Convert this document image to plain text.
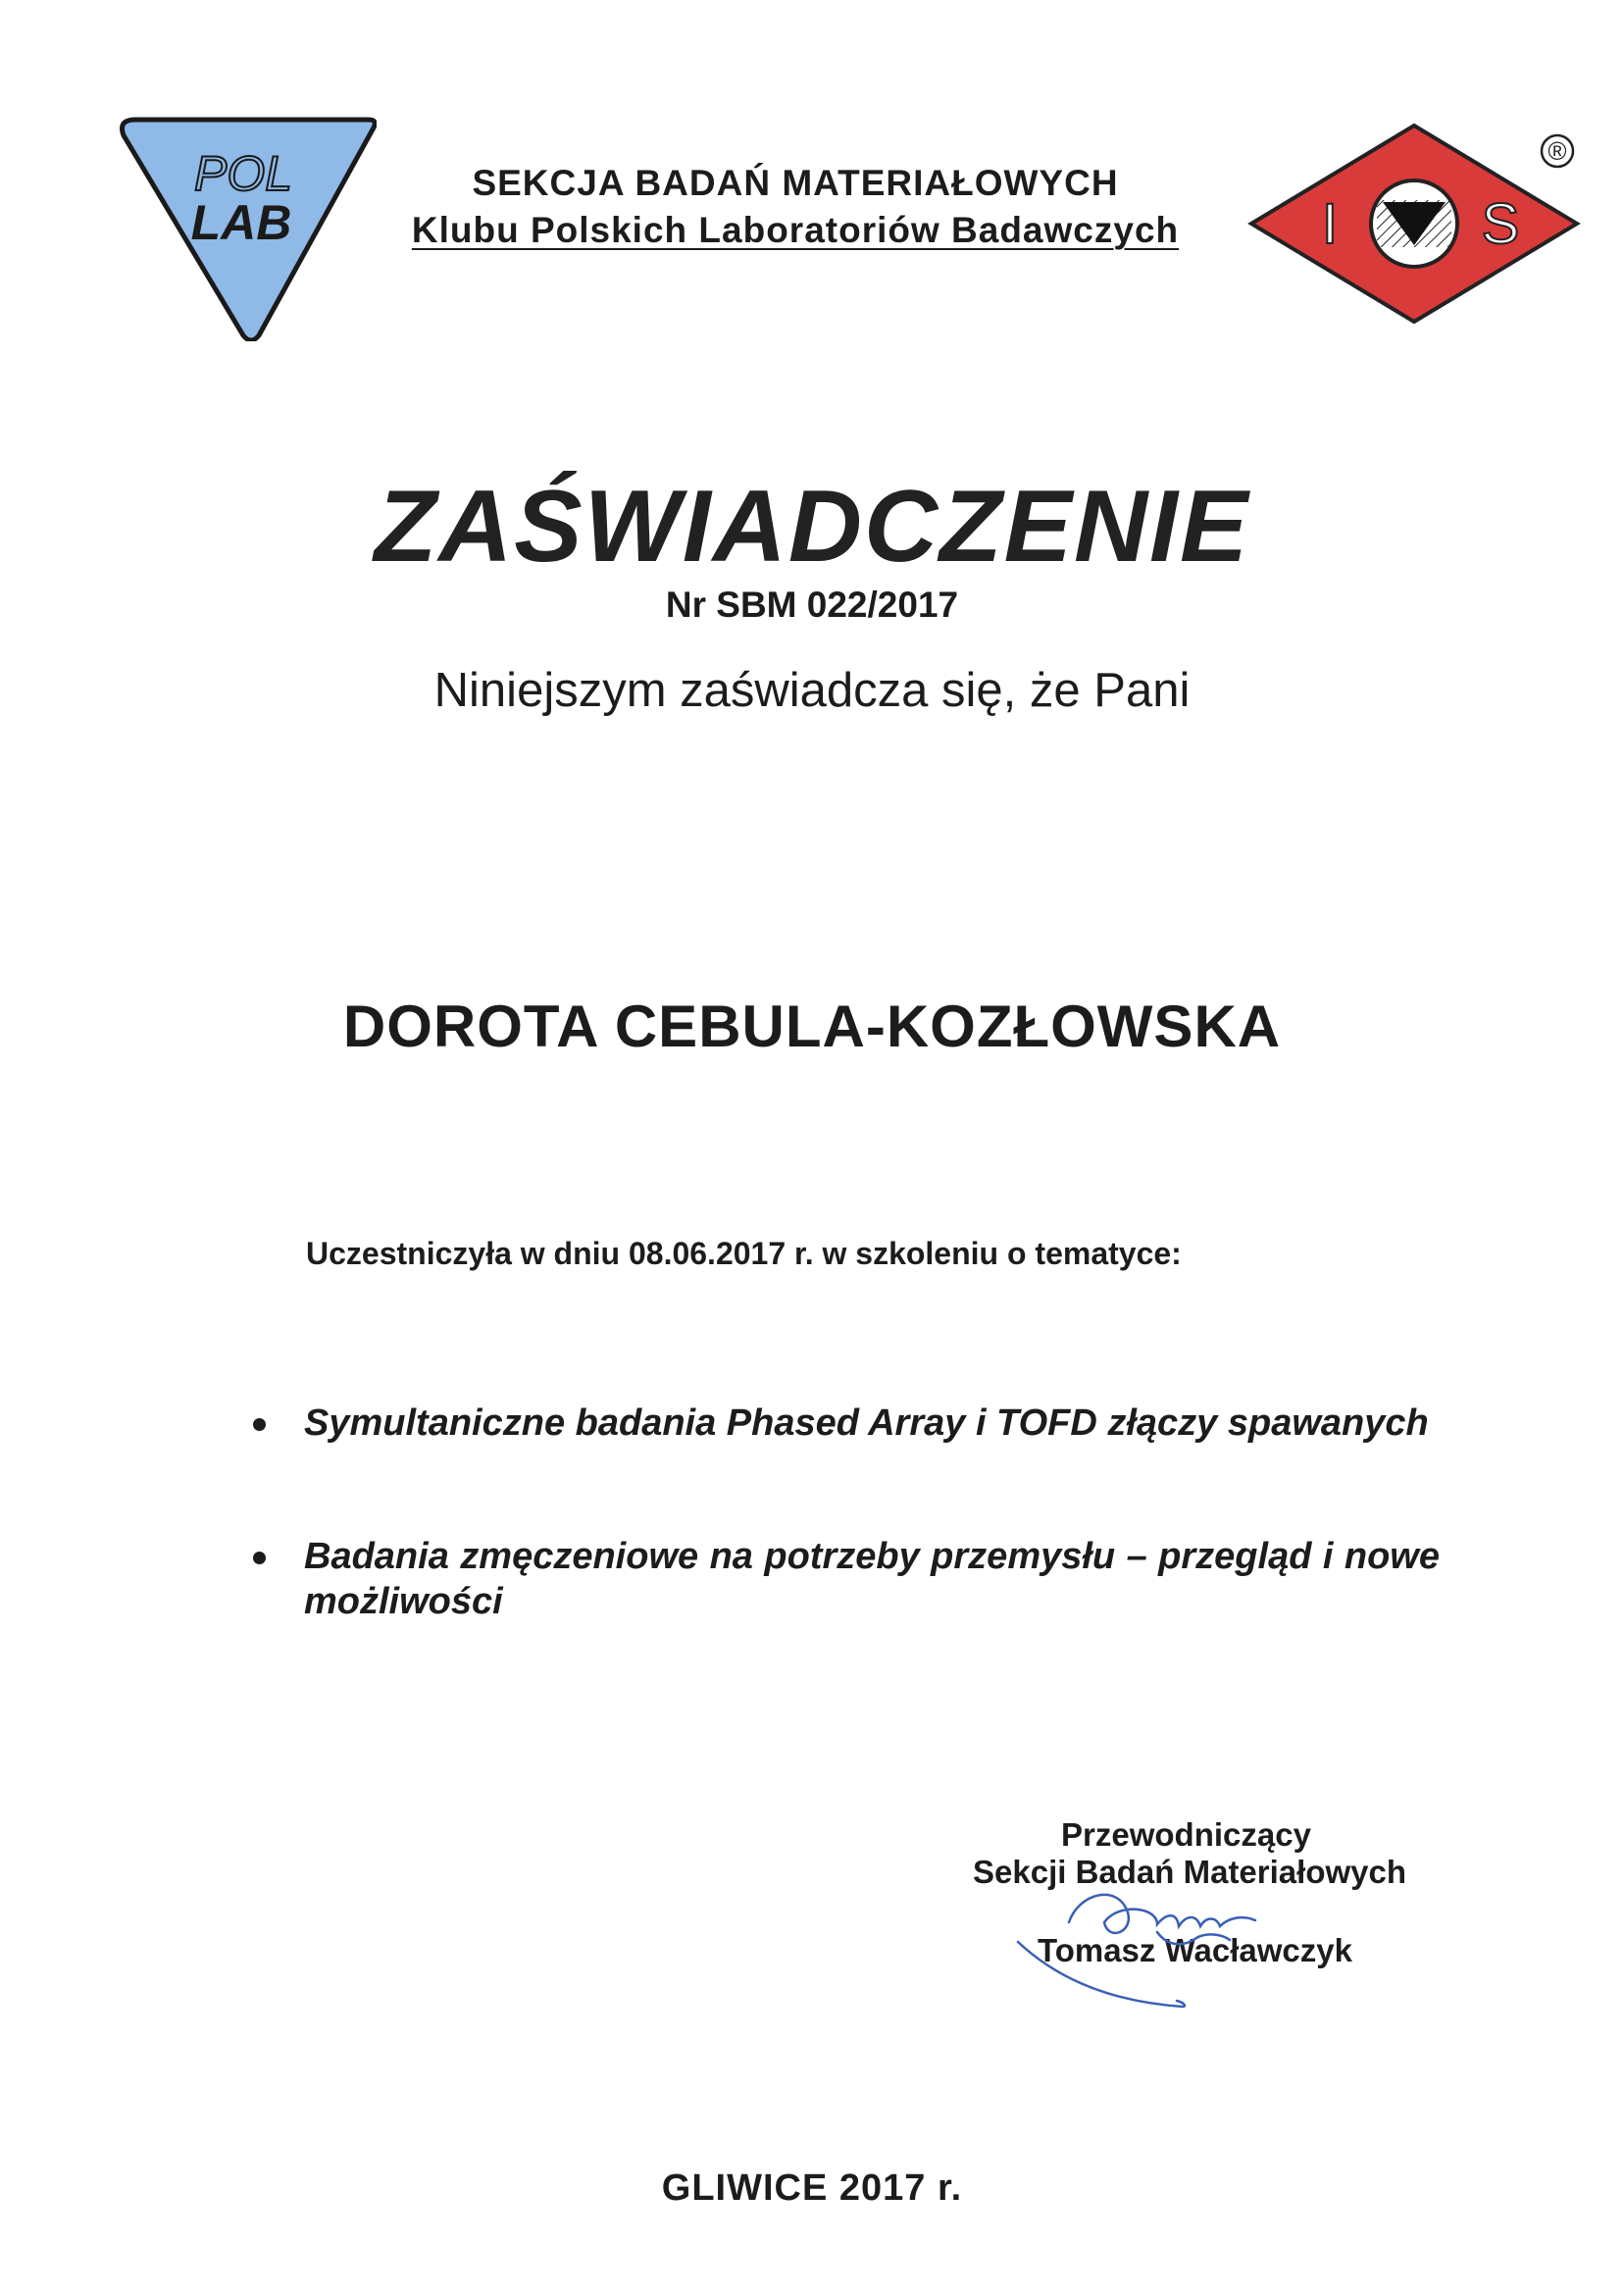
POL
LAB
SEKCJA BADAŃ MATERIAŁOWYCH
Klubu Polskich Laboratoriów Badawczych	I	S
®
ZAŚWIADCZENIE
Nr SBM 022/2017
Niniejszym zaświadcza się, że Pani
DOROTA CEBULA-KOZŁOWSKA
Uczestniczyła w dniu 08.06.2017 r. w szkoleniu o tematyce:
Symultaniczne badania Phased Array i TOFD złączy spawanych
Badania zmęczeniowe na potrzeby przemysłu – przegląd i nowe możliwości
Przewodniczący
Sekcji Badań Materiałowych
Tomasz Wacławczyk
GLIWICE 2017 r.
